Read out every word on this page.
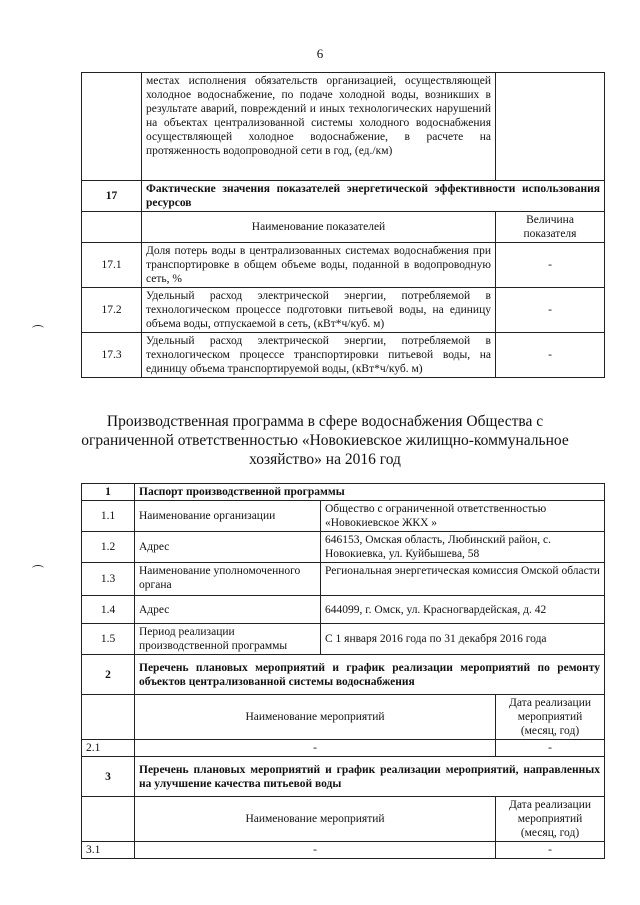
6
	местах исполнения обязательств организацией, осуществляющей холодное водоснабжение, по подаче холодной воды, возникших в результате аварий, повреждений и иных технологических нарушений на объектах централизованной системы холодного водоснабжения осуществляющей холодное водоснабжение, в расчете на протяженность водопроводной сети в год, (ед./км)	
17	Фактические значения показателей энергетической эффективности использования ресурсов	
	Наименование показателей	Величина показателя
17.1	Доля потерь воды в централизованных системах водоснабжения при транспортировке в общем объеме воды, поданной в водопроводную сеть, %	-
17.2	Удельный расход электрической энергии, потребляемой в технологическом процессе подготовки питьевой воды, на единицу объема воды, отпускаемой в сеть, (кВт*ч/куб. м)	-
17.3	Удельный расход электрической энергии, потребляемой в технологическом процессе транспортировки питьевой воды, на единицу объема транспортируемой воды, (кВт*ч/куб. м)	-
Производственная программа в сфере водоснабжения Общества с ограниченной ответственностью «Новокиевское жилищно-коммунальное хозяйство» на 2016 год
1	Паспорт производственной программы		
1.1	Наименование организации	Общество с ограниченной ответственностью «Новокиевское ЖКХ »	
1.2	Адрес	646153, Омская область, Любинский район, с. Новокиевка, ул. Куйбышева, 58	
1.3	Наименование уполномоченного органа	Региональная энергетическая комиссия Омской области	
1.4	Адрес	644099, г. Омск, ул. Красногвардейская, д. 42	
1.5	Период реализации производственной программы	С 1 января 2016 года по 31 декабря 2016 года	
2	Перечень плановых мероприятий и график реализации мероприятий по ремонту объектов централизованной системы водоснабжения		
	Наименование мероприятий		Дата реализации мероприятий (месяц, год)
2.1	-		-
3	Перечень плановых мероприятий и график реализации мероприятий, направленных на улучшение качества питьевой воды		
	Наименование мероприятий		Дата реализации мероприятий (месяц, год)
3.1	-		-
